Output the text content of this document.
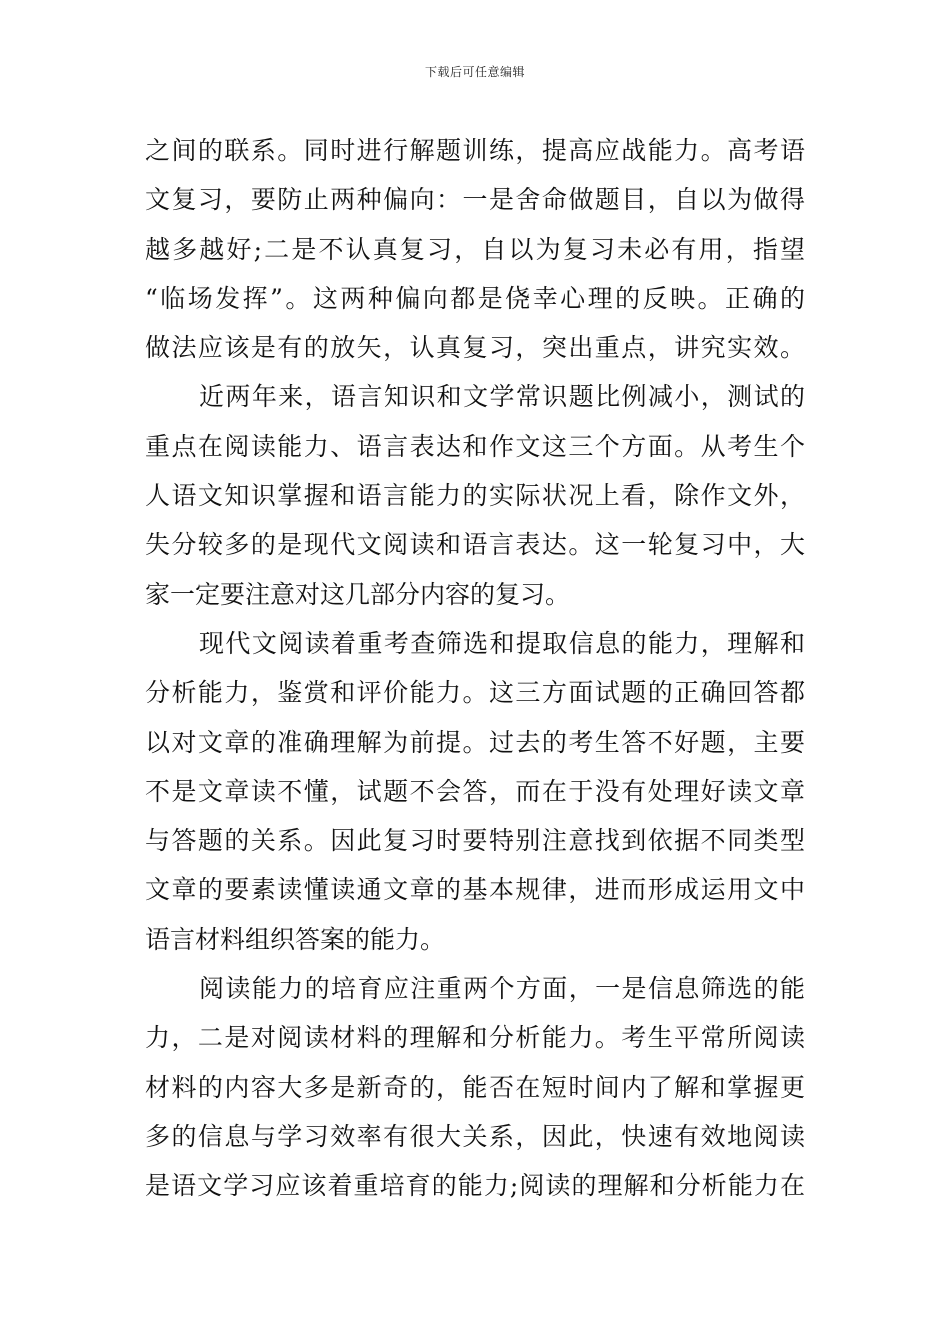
下载后可任意编辑
之间的联系。同时进行解题训练，提高应战能力。高考语
文复习，要防止两种偏向：一是舍命做题目，自以为做得
越多越好;二是不认真复习，自以为复习未必有用，指望
“临场发挥”。这两种偏向都是侥幸心理的反映。正确的
做法应该是有的放矢，认真复习，突出重点，讲究实效。
近两年来，语言知识和文学常识题比例减小，测试的
重点在阅读能力、语言表达和作文这三个方面。从考生个
人语文知识掌握和语言能力的实际状况上看，除作文外，
失分较多的是现代文阅读和语言表达。这一轮复习中，大
家一定要注意对这几部分内容的复习。
现代文阅读着重考查筛选和提取信息的能力，理解和
分析能力，鉴赏和评价能力。这三方面试题的正确回答都
以对文章的准确理解为前提。过去的考生答不好题，主要
不是文章读不懂，试题不会答，而在于没有处理好读文章
与答题的关系。因此复习时要特别注意找到依据不同类型
文章的要素读懂读通文章的基本规律，进而形成运用文中
语言材料组织答案的能力。
阅读能力的培育应注重两个方面，一是信息筛选的能
力，二是对阅读材料的理解和分析能力。考生平常所阅读
材料的内容大多是新奇的，能否在短时间内了解和掌握更
多的信息与学习效率有很大关系，因此，快速有效地阅读
是语文学习应该着重培育的能力;阅读的理解和分析能力在
